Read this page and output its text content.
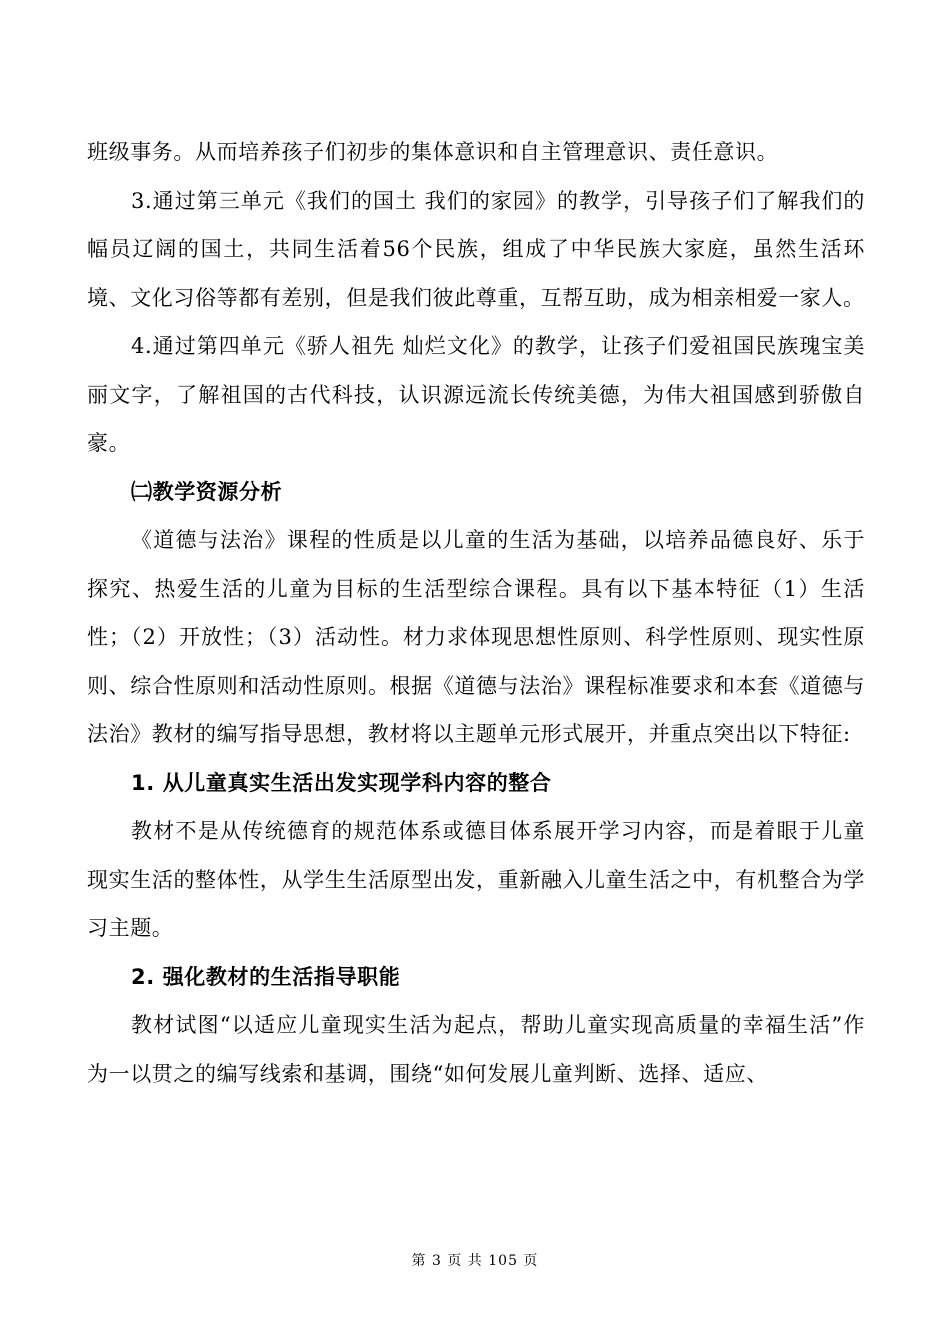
班级事务。从而培养孩子们初步的集体意识和自主管理意识、责任意识。

3.通过第三单元《我们的国土 我们的家园》的教学，引导孩子们了解我们的幅员辽阔的国土，共同生活着56个民族，组成了中华民族大家庭，虽然生活环境、文化习俗等都有差别，但是我们彼此尊重，互帮互助，成为相亲相爱一家人。

4.通过第四单元《骄人祖先 灿烂文化》的教学，让孩子们爱祖国民族瑰宝美丽文字，了解祖国的古代科技，认识源远流长传统美德，为伟大祖国感到骄傲自豪。

㈡教学资源分析

《道德与法治》课程的性质是以儿童的生活为基础，以培养品德良好、乐于探究、热爱生活的儿童为目标的生活型综合课程。具有以下基本特征（1）生活性；（2）开放性；（3）活动性。材力求体现思想性原则、科学性原则、现实性原则、综合性原则和活动性原则。根据《道德与法治》课程标准要求和本套《道德与法治》教材的编写指导思想，教材将以主题单元形式展开，并重点突出以下特征:

1. 从儿童真实生活出发实现学科内容的整合

教材不是从传统德育的规范体系或德目体系展开学习内容，而是着眼于儿童现实生活的整体性，从学生生活原型出发，重新融入儿童生活之中，有机整合为学习主题。

2. 强化教材的生活指导职能

教材试图“以适应儿童现实生活为起点，帮助儿童实现高质量的幸福生活”作为一以贯之的编写线索和基调，围绕“如何发展儿童判断、选择、适应、

第 3 页 共 105 页
